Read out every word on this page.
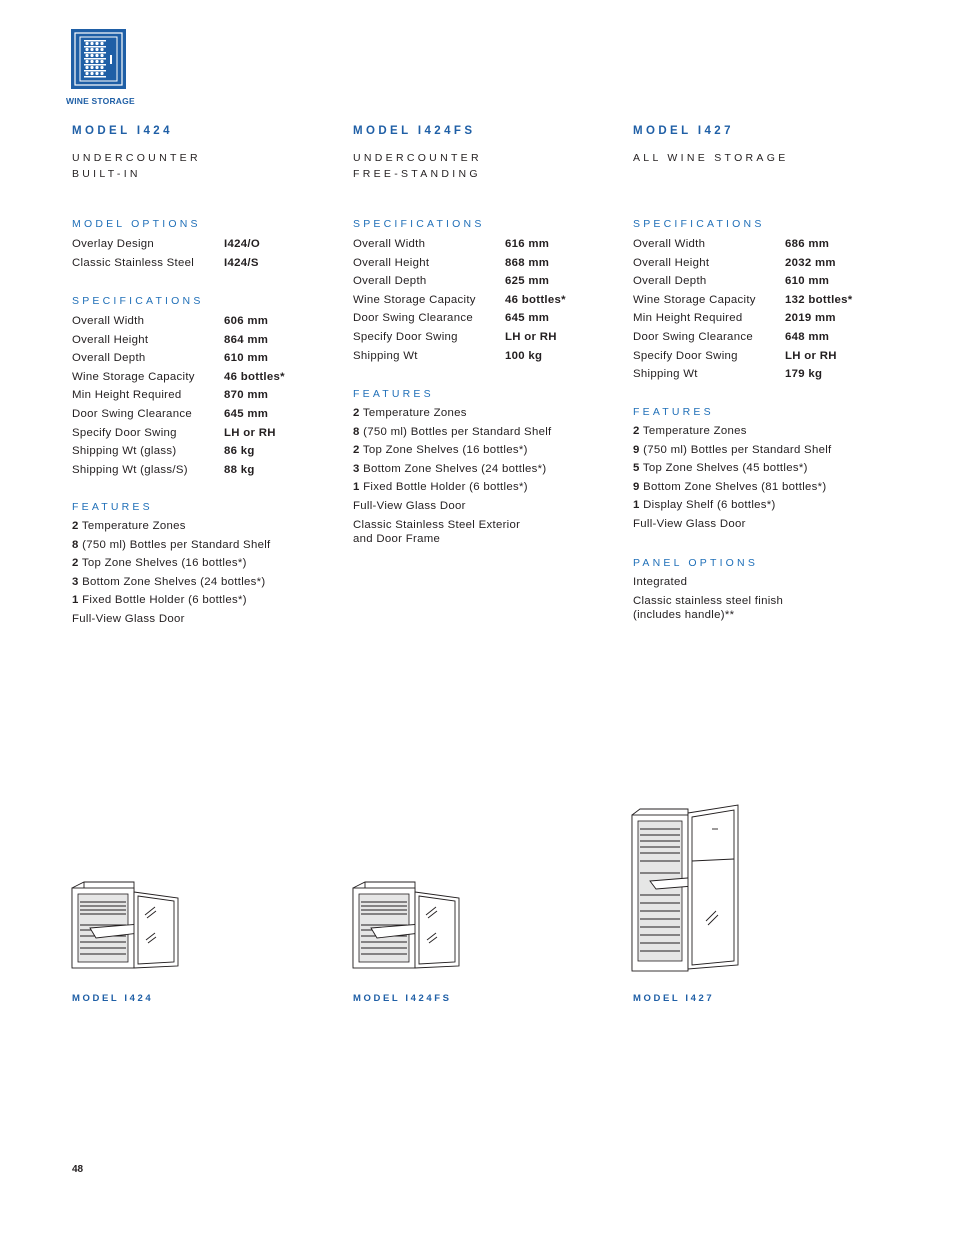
WINE STORAGE
MODEL I424
UNDERCOUNTER
BUILT-IN
MODEL OPTIONS
Overlay Design	I424/O
Classic Stainless Steel	I424/S
SPECIFICATIONS
Overall Width	606 mm
Overall Height	864 mm
Overall Depth	610 mm
Wine Storage Capacity	46 bottles*
Min Height Required	870 mm
Door Swing Clearance	645 mm
Specify Door Swing	LH or RH
Shipping Wt (glass)	86 kg
Shipping Wt (glass/S)	88 kg
FEATURES
2 Temperature Zones
8 (750 ml) Bottles per Standard Shelf
2 Top Zone Shelves (16 bottles*)
3 Bottom Zone Shelves (24 bottles*)
1 Fixed Bottle Holder (6 bottles*)
Full-View Glass Door
MODEL I424
MODEL I424FS
UNDERCOUNTER
FREE-STANDING
SPECIFICATIONS
Overall Width	616 mm
Overall Height	868 mm
Overall Depth	625 mm
Wine Storage Capacity	46 bottles*
Door Swing Clearance	645 mm
Specify Door Swing	LH or RH
Shipping Wt	100 kg
FEATURES
2 Temperature Zones
8 (750 ml) Bottles per Standard Shelf
2 Top Zone Shelves (16 bottles*)
3 Bottom Zone Shelves (24 bottles*)
1 Fixed Bottle Holder (6 bottles*)
Full-View Glass Door
Classic Stainless Steel Exterior
and Door Frame
MODEL I424FS
MODEL I427
ALL WINE STORAGE
SPECIFICATIONS
Overall Width	686 mm
Overall Height	2032 mm
Overall Depth	610 mm
Wine Storage Capacity	132 bottles*
Min Height Required	2019 mm
Door Swing Clearance	648 mm
Specify Door Swing	LH or RH
Shipping Wt	179 kg
FEATURES
2 Temperature Zones
9 (750 ml) Bottles per Standard Shelf
5 Top Zone Shelves (45 bottles*)
9 Bottom Zone Shelves (81 bottles*)
1 Display Shelf (6 bottles*)
Full-View Glass Door
PANEL OPTIONS
Integrated
Classic stainless steel finish
(includes handle)**
MODEL I427
48
